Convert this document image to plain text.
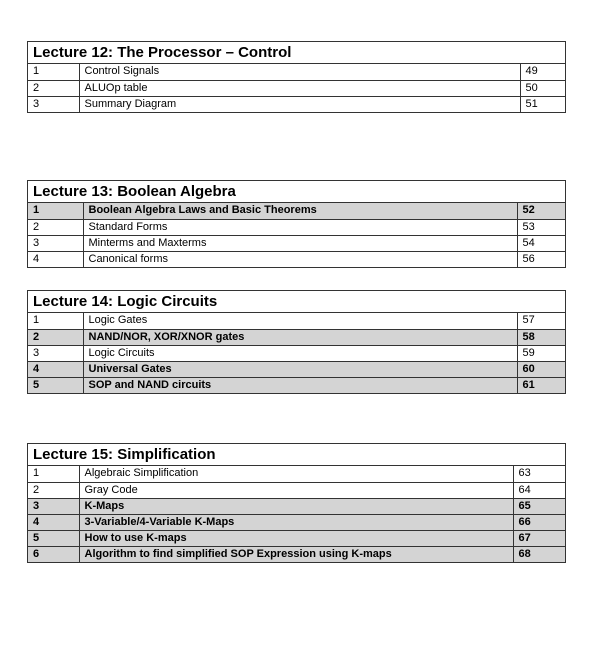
Lecture 12: The Processor – Control
1	Control Signals	49
2	ALUOp table	50
3	Summary Diagram	51
Lecture 13: Boolean Algebra
1	Boolean Algebra Laws and Basic Theorems	52
2	Standard Forms	53
3	Minterms and Maxterms	54
4	Canonical forms	56
Lecture 14: Logic Circuits
1	Logic Gates	57
2	NAND/NOR, XOR/XNOR gates	58
3	Logic Circuits	59
4	Universal Gates	60
5	SOP and NAND circuits	61
Lecture 15: Simplification
1	Algebraic Simplification	63
2	Gray Code	64
3	K-Maps	65
4	3-Variable/4-Variable K-Maps	66
5	How to use K-maps	67
6	Algorithm to find simplified SOP Expression using K-maps	68
